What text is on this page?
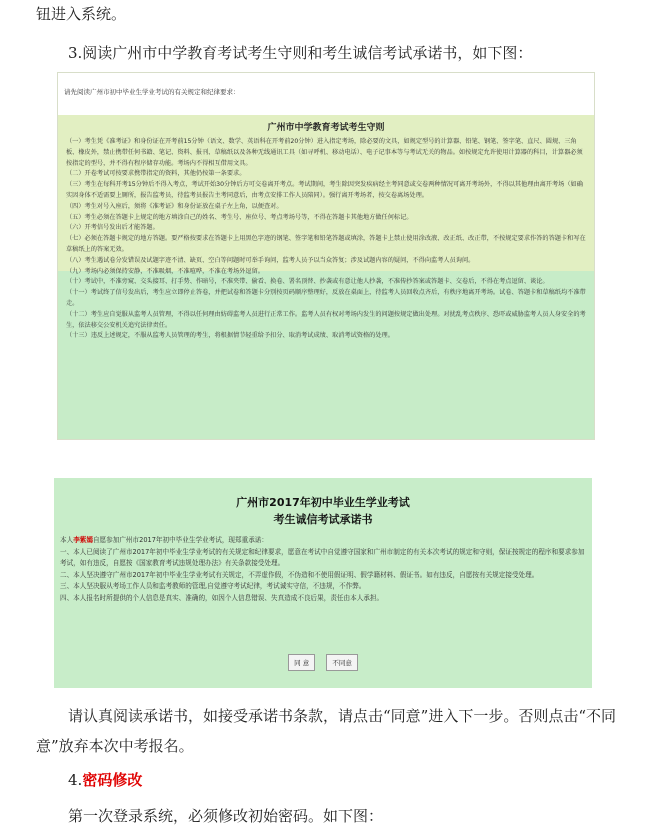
钮进入系统。
3.阅读广州市中学教育考试考生守则和考生诚信考试承诺书，如下图：
请先阅读广州市初中毕业生学业考试的有关规定和纪律要求：
广州市中学教育考试考生守则

（一）考生凭《准考证》和身份证在开考前15分钟（语文、数学、英语科在开考前20分钟）进入指定考场，除必要的文具，如规定型号的计算器、铅笔、钢笔、签字笔、直尺、圆规、三角板、橡皮外，禁止携带任何书籍、笔记、资料、报刊、草稿纸以及各种无线通讯工具（如寻呼机、移动电话）、电子记事本等与考试无关的物品。如按规定允许使用计算器的科目，计算器必须按指定的型号，并不得有程序储存功能。考场内不得相互借用文具。

（二）开卷考试可按要求携带指定的资料，其他仍按第一条要求。

（三）考生在每科开考15分钟后不得入考点，考试开始30分钟后方可交卷离开考点。考试期间，考生除因突发疾病经主考同意或交卷两种情况可离开考场外，不得以其他理由离开考场（如确实因身体不适需要上厕所，报告监考员，待监考员报告主考同意后，由考点安排工作人员陪同）。强行离开考场者，按交卷离场处理。

（四）考生对号入座后，须将《准考证》和身份证放在桌子左上角，以便查对。

（五）考生必须在答题卡上规定的地方填涂自己的姓名、考生号、座位号、考点考场号等，不得在答题卡其他地方做任何标记。

（六）开考信号发出后才能答题。

（七）必须在答题卡规定的地方答题。要严格按要求在答题卡上用黑色字迹的钢笔、签字笔和铅笔答题或填涂，答题卡上禁止使用涂改液、改正纸、改正带，不按规定要求作答的答题卡和写在草稿纸上的答案无效。

（八）考生遇试卷分发错误及试题字迹不清、缺页、空白等问题时可举手询问，监考人员予以当众答复；涉及试题内容的疑问，不得向监考人员询问。

（九）考场内必须保持安静，不准吸烟，不准喧哗，不准在考场外逗留。

（十）考试中，不准旁窥、交头接耳、打手势、作暗号，不准夹带、偷看、换卷、署名顶替、抄袭或有意让他人抄袭，不准传抄答案或答题卡、交卷后，不得在考点逗留、谈论。

（十一）考试终了信号发出后，考生应立即停止答卷，并把试卷和答题卡分别按页码顺序整理好，反放在桌面上，待监考人员回收点齐后，有秩序地离开考场。试卷、答题卡和草稿纸均不准带走。

（十二）考生应自觉服从监考人员管理，不得以任何理由妨碍监考人员进行正常工作。监考人员有权对考场内发生的问题按规定做出处理。对扰乱考点秩序、恐吓或威胁监考人员人身安全的考生，依法移交公安机关追究法律责任。

（十三）违反上述规定，不服从监考人员管理的考生，将根据情节轻重给予扣分、取消考试成绩、取消考试资格的处理。

广州市2017年初中毕业生学业考试
考生诚信考试承诺书

本人李紫嫣自愿参加广州市2017年初中毕业生学业考试，现郑重承诺：

一、本人已阅读了广州市2017年初中毕业生学业考试的有关规定和纪律要求，愿意在考试中自觉遵守国家和广州市制定的有关本次考试的规定和守则，保证按规定的程序和要求参加考试，如有违反，自愿按《国家教育考试违规处理办法》有关条款接受处理。

二、本人坚决遵守广州市2017年初中毕业生学业考试有关规定，不弄虚作假，不伪造和不使用假证明、假学籍材料、假证书。如有违反，自愿按有关规定接受处理。

三、本人坚决服从考场工作人员和监考教师的管理,自觉遵守考试纪律，考试诚实守信，不违规，不作弊。

四、本人报名时所提供的个人信息是真实、准确的，如因个人信息错误、失真造成不良后果，责任由本人承担。

同 意	不同意
请认真阅读承诺书，如接受承诺书条款，请点击“同意”进入下一步。否则点击“不同意”放弃本次中考报名。
4.密码修改
第一次登录系统，必须修改初始密码。如下图：
